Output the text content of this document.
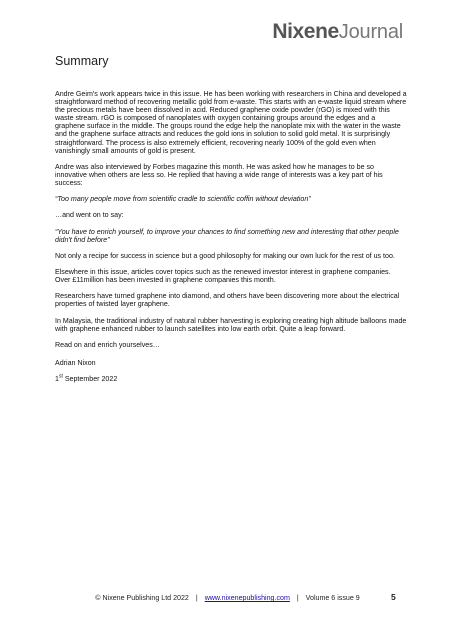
Nixene Journal
Summary

Andre Geim’s work appears twice in this issue. He has been working with researchers in China and developed a straightforward method of recovering metallic gold from e-waste. This starts with an e-waste liquid stream where the precious metals have been dissolved in acid. Reduced graphene oxide powder (rGO) is mixed with this waste stream. rGO is composed of nanoplates with oxygen containing groups around the edges and a graphene surface in the middle. The groups round the edge help the nanoplate mix with the water in the waste and the graphene surface attracts and reduces the gold ions in solution to solid gold metal. It is surprisingly straightforward. The process is also extremely efficient, recovering nearly 100% of the gold even when vanishingly small amounts of gold is present.

Andre was also interviewed by Forbes magazine this month. He was asked how he manages to be so innovative when others are less so. He replied that having a wide range of interests was a key part of his success:

“Too many people move from scientific cradle to scientific coffin without deviation”

…and went on to say:

“You have to enrich yourself, to improve your chances to find something new and interesting that other people didn't find before”

Not only a recipe for success in science but a good philosophy for making our own luck for the rest of us too.

Elsewhere in this issue, articles cover topics such as the renewed investor interest in graphene companies. Over £11million has been invested in graphene companies this month.

Researchers have turned graphene into diamond, and others have been discovering more about the electrical properties of twisted layer graphene.

In Malaysia, the traditional industry of natural rubber harvesting is exploring creating high altitude balloons made with graphene enhanced rubber to launch satellites into low earth orbit. Quite a leap forward.

Read on and enrich yourselves…

Adrian Nixon

1st September 2022

© Nixene Publishing Ltd 2022 | www.nixenepublishing.com | Volume 6 issue 9	5
